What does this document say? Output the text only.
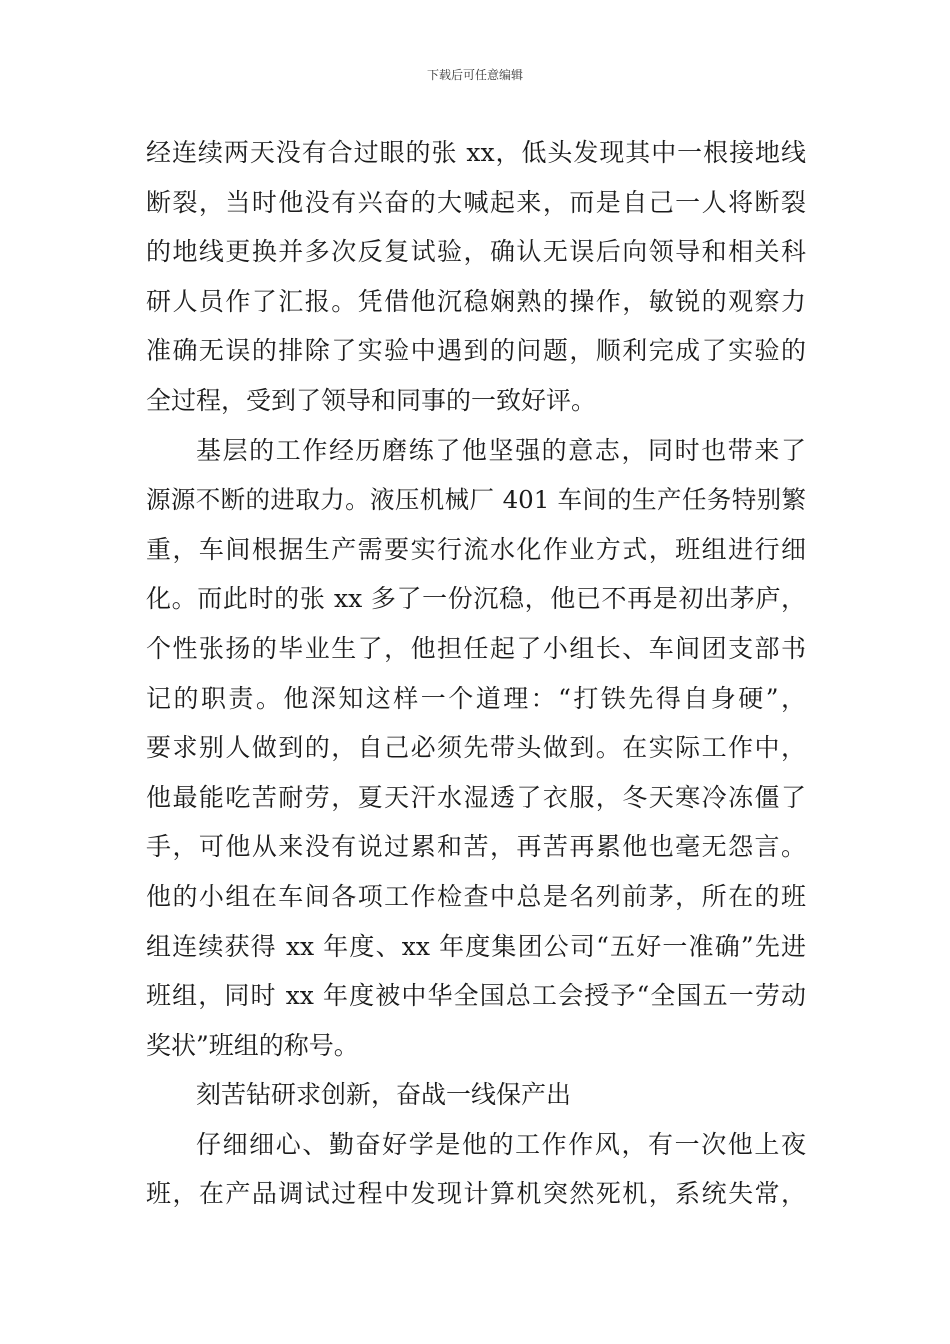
下载后可任意编辑
经连续两天没有合过眼的张 xx，低头发现其中一根接地线
断裂，当时他没有兴奋的大喊起来，而是自己一人将断裂
的地线更换并多次反复试验，确认无误后向领导和相关科
研人员作了汇报。凭借他沉稳娴熟的操作，敏锐的观察力
准确无误的排除了实验中遇到的问题，顺利完成了实验的
全过程，受到了领导和同事的一致好评。
基层的工作经历磨练了他坚强的意志，同时也带来了
源源不断的进取力。液压机械厂 401 车间的生产任务特别繁
重，车间根据生产需要实行流水化作业方式，班组进行细
化。而此时的张 xx 多了一份沉稳，他已不再是初出茅庐，
个性张扬的毕业生了，他担任起了小组长、车间团支部书
记的职责。他深知这样一个道理：“打铁先得自身硬”，
要求别人做到的，自己必须先带头做到。在实际工作中，
他最能吃苦耐劳，夏天汗水湿透了衣服，冬天寒冷冻僵了
手，可他从来没有说过累和苦，再苦再累他也毫无怨言。
他的小组在车间各项工作检查中总是名列前茅，所在的班
组连续获得 xx 年度、xx 年度集团公司“五好一准确”先进
班组，同时 xx 年度被中华全国总工会授予“全国五一劳动
奖状”班组的称号。
刻苦钻研求创新，奋战一线保产出
仔细细心、勤奋好学是他的工作作风，有一次他上夜
班，在产品调试过程中发现计算机突然死机，系统失常，
